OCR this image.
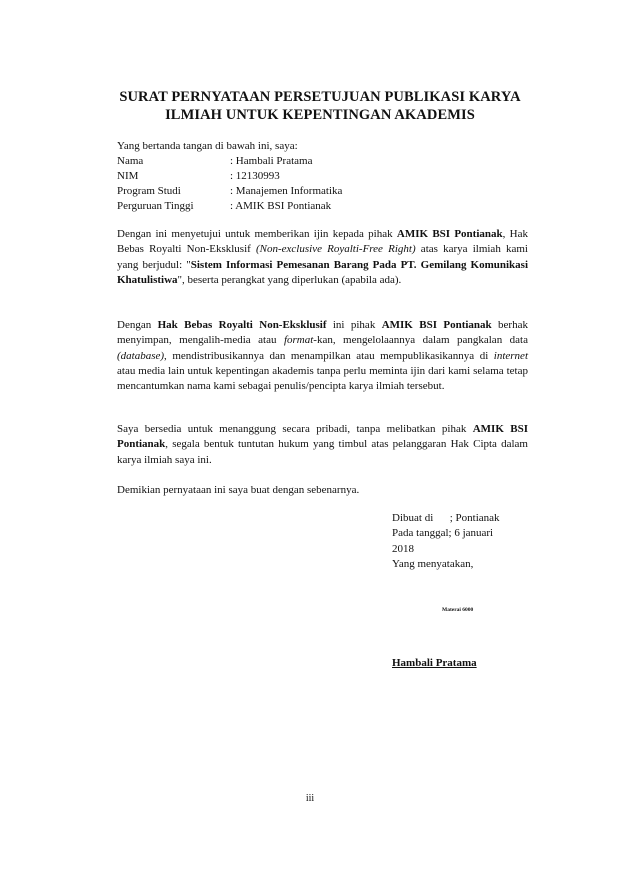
SURAT PERNYATAAN PERSETUJUAN PUBLIKASI KARYA
ILMIAH UNTUK KEPENTINGAN AKADEMIS
Yang bertanda tangan di bawah ini, saya:
Nama	: Hambali Pratama
NIM	: 12130993
Program Studi	: Manajemen Informatika
Perguruan Tinggi	: AMIK BSI Pontianak
Dengan ini menyetujui untuk memberikan ijin kepada pihak AMIK BSI Pontianak, Hak Bebas Royalti Non-Eksklusif (Non-exclusive Royalti-Free Right) atas karya ilmiah kami yang berjudul: "Sistem Informasi Pemesanan Barang Pada PT. Gemilang Komunikasi Khatulistiwa", beserta perangkat yang diperlukan (apabila ada).
Dengan Hak Bebas Royalti Non-Eksklusif ini pihak AMIK BSI Pontianak berhak menyimpan, mengalih-media atau format-kan, mengelolaannya dalam pangkalan data (database), mendistribusikannya dan menampilkan atau mempublikasikannya di internet atau media lain untuk kepentingan akademis tanpa perlu meminta ijin dari kami selama tetap mencantumkan nama kami sebagai penulis/pencipta karya ilmiah tersebut.
Saya bersedia untuk menanggung secara pribadi, tanpa melibatkan pihak AMIK BSI Pontianak, segala bentuk tuntutan hukum yang timbul atas pelanggaran Hak Cipta dalam karya ilmiah saya ini.
Demikian pernyataan ini saya buat dengan sebenarnya.
Dibuat di      ; Pontianak
Pada tanggal; 6 januari
2018
Yang menyatakan,
Materai 6000
Hambali Pratama
iii
